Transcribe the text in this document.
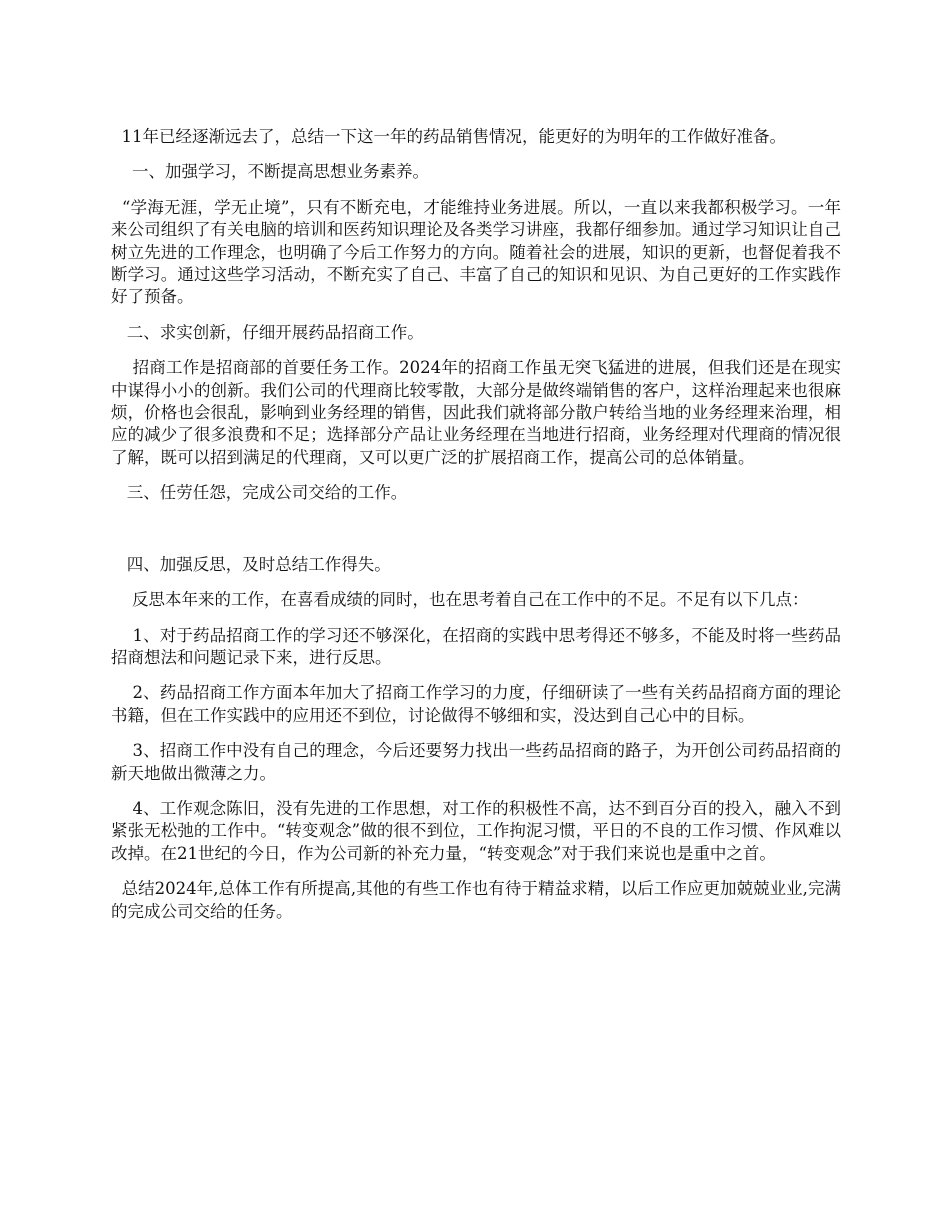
11年已经逐渐远去了，总结一下这一年的药品销售情况，能更好的为明年的工作做好准备。

一、加强学习，不断提高思想业务素养。

“学海无涯，学无止境”，只有不断充电，才能维持业务进展。所以，一直以来我都积极学习。一年来公司组织了有关电脑的培训和医药知识理论及各类学习讲座，我都仔细参加。通过学习知识让自己树立先进的工作理念，也明确了今后工作努力的方向。随着社会的进展，知识的更新，也督促着我不断学习。通过这些学习活动，不断充实了自己、丰富了自己的知识和见识、为自己更好的工作实践作好了预备。

二、求实创新，仔细开展药品招商工作。

招商工作是招商部的首要任务工作。2024年的招商工作虽无突飞猛进的进展，但我们还是在现实中谋得小小的创新。我们公司的代理商比较零散，大部分是做终端销售的客户，这样治理起来也很麻烦，价格也会很乱，影响到业务经理的销售，因此我们就将部分散户转给当地的业务经理来治理，相应的减少了很多浪费和不足；选择部分产品让业务经理在当地进行招商，业务经理对代理商的情况很了解，既可以招到满足的代理商，又可以更广泛的扩展招商工作，提高公司的总体销量。

三、任劳任怨，完成公司交给的工作。

四、加强反思，及时总结工作得失。

反思本年来的工作，在喜看成绩的同时，也在思考着自己在工作中的不足。不足有以下几点：

1、对于药品招商工作的学习还不够深化，在招商的实践中思考得还不够多，不能及时将一些药品招商想法和问题记录下来，进行反思。

2、药品招商工作方面本年加大了招商工作学习的力度，仔细研读了一些有关药品招商方面的理论书籍，但在工作实践中的应用还不到位，讨论做得不够细和实，没达到自己心中的目标。

3、招商工作中没有自己的理念，今后还要努力找出一些药品招商的路子，为开创公司药品招商的新天地做出微薄之力。

4、工作观念陈旧，没有先进的工作思想，对工作的积极性不高，达不到百分百的投入，融入不到紧张无松弛的工作中。“转变观念”做的很不到位，工作拘泥习惯，平日的不良的工作习惯、作风难以改掉。在21世纪的今日，作为公司新的补充力量，“转变观念”对于我们来说也是重中之首。

总结2024年,总体工作有所提高,其他的有些工作也有待于精益求精，以后工作应更加兢兢业业,完满的完成公司交给的任务。
